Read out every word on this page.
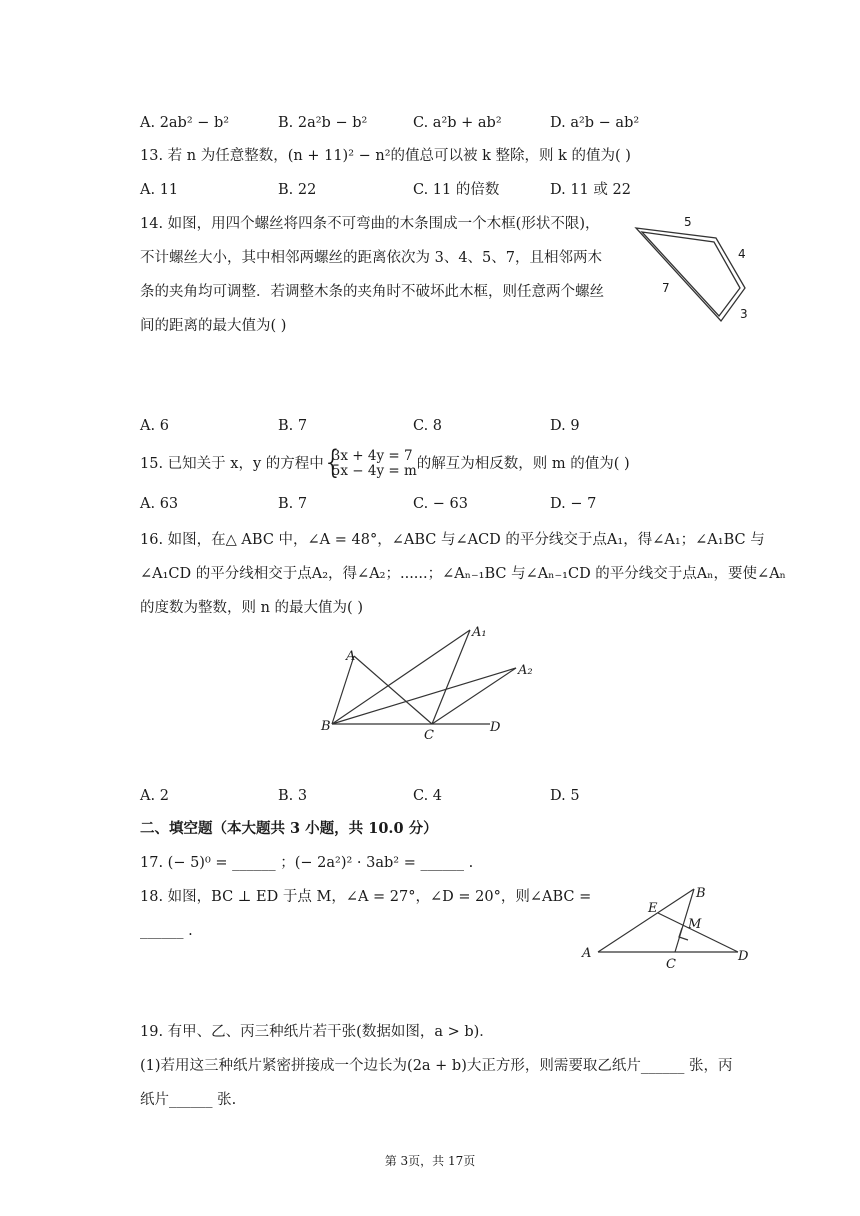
A. 2ab² − b²	B. 2a²b − b²	C. a²b + ab²	D. a²b − ab²
13. 若 n 为任意整数，(n + 11)² − n²的值总可以被 k 整除，则 k 的值为( )
A. 11	B. 22	C. 11 的倍数	D. 11 或 22
14. 如图，用四个螺丝将四条不可弯曲的木条围成一个木框(形状不限)，
不计螺丝大小，其中相邻两螺丝的距离依次为 3、4、5、7，且相邻两木
条的夹角均可调整．若调整木条的夹角时不破坏此木框，则任意两个螺丝
间的距离的最大值为( )
5
4
7
3
A. 6	B. 7	C. 8	D. 9
15. 已知关于 x，y 的方程中
{ 3x + 4y = 7
5x − 4y = m 的解互为相反数，则 m 的值为( )
A. 63	B. 7	C. − 63	D. − 7
16. 如图，在△ ABC 中，∠A = 48°，∠ABC 与∠ACD 的平分线交于点A₁，得∠A₁；∠A₁BC 与
∠A₁CD 的平分线相交于点A₂，得∠A₂；......；∠Aₙ₋₁BC 与∠Aₙ₋₁CD 的平分线交于点Aₙ，要使∠Aₙ
的度数为整数，则 n 的最大值为( )
A
A₁
A₂
B
C
D
A. 2	B. 3	C. 4	D. 5
二、填空题（本大题共 3 小题，共 10.0 分）
17. (− 5)⁰ = ______ ；(− 2a²)² · 3ab² = ______ .
18. 如图，BC ⊥ ED 于点 M，∠A = 27°，∠D = 20°，则∠ABC =
______ .
B
E
M
A
C
D
19. 有甲、乙、丙三种纸片若干张(数据如图，a > b)．
(1)若用这三种纸片紧密拼接成一个边长为(2a + b)大正方形，则需要取乙纸片______ 张，丙
纸片______ 张.
第 3页，共 17页
